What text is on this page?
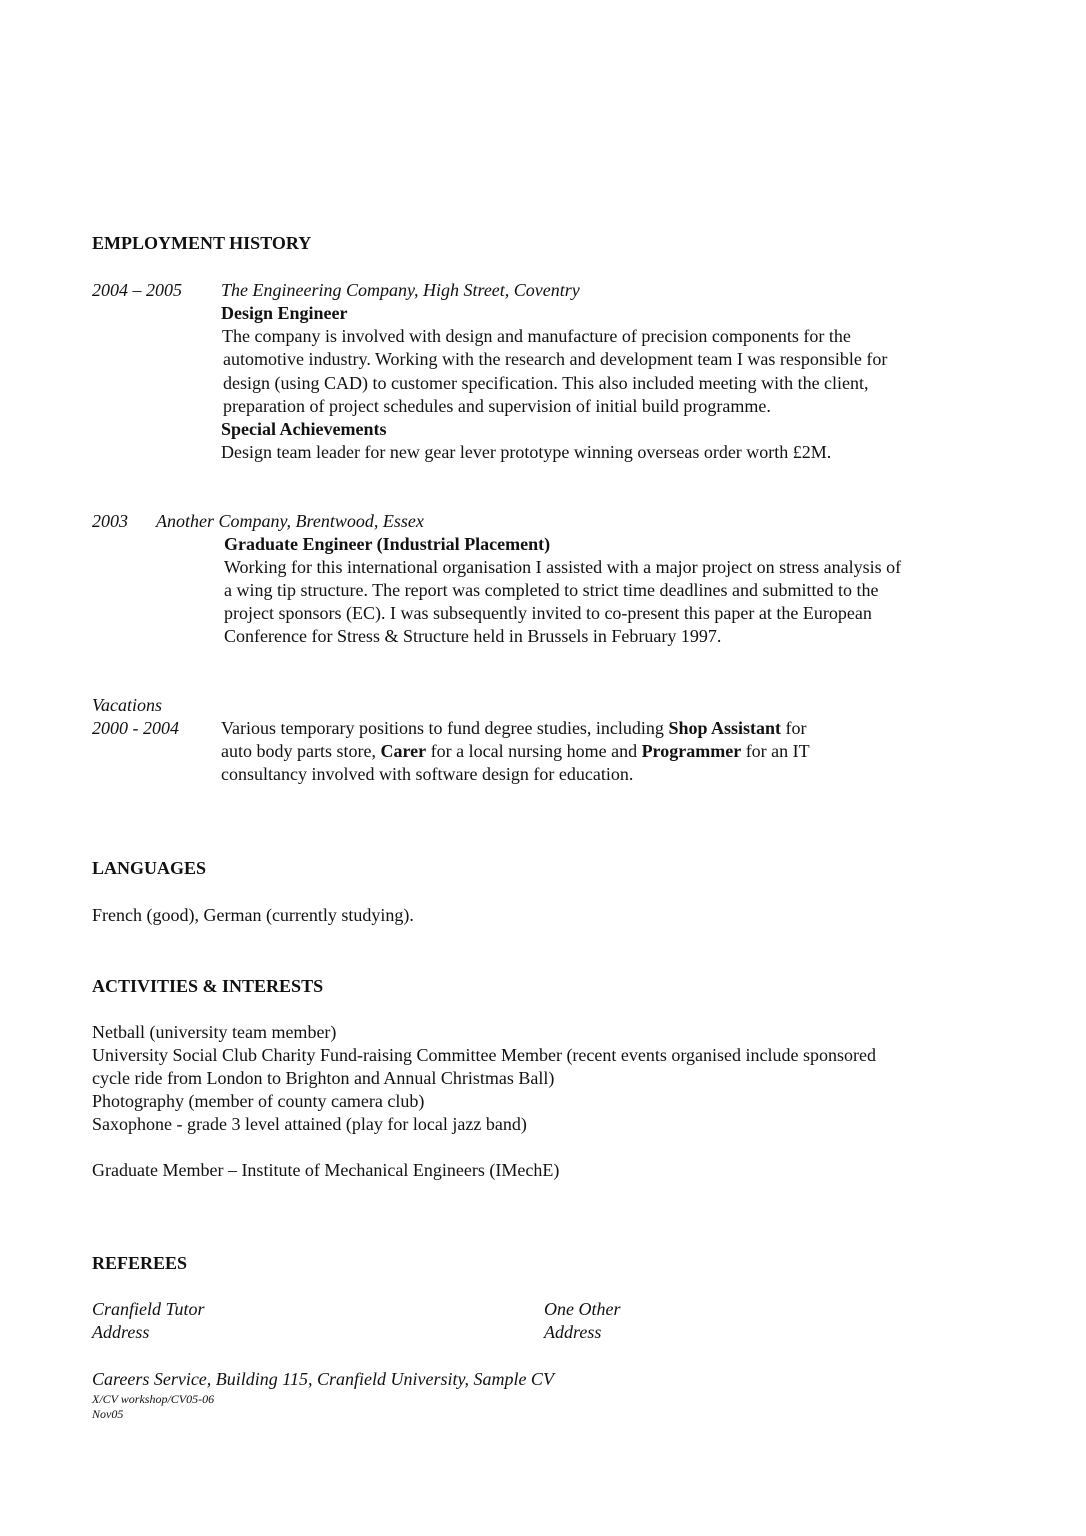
EMPLOYMENT HISTORY
2004 – 2005 The Engineering Company, High Street, Coventry
Design Engineer
The company is involved with design and manufacture of precision components for the
automotive industry. Working with the research and development team I was responsible for
design (using CAD) to customer specification. This also included meeting with the client,
preparation of project schedules and supervision of initial build programme.
Special Achievements
Design team leader for new gear lever prototype winning overseas order worth £2M.
2003 Another Company, Brentwood, Essex
Graduate Engineer (Industrial Placement)
Working for this international organisation I assisted with a major project on stress analysis of
a wing tip structure. The report was completed to strict time deadlines and submitted to the
project sponsors (EC). I was subsequently invited to co-present this paper at the European
Conference for Stress & Structure held in Brussels in February 1997.
Vacations
2000 - 2004 Various temporary positions to fund degree studies, including Shop Assistant for
auto body parts store, Carer for a local nursing home and Programmer for an IT
consultancy involved with software design for education.
LANGUAGES
French (good), German (currently studying).
ACTIVITIES & INTERESTS
Netball (university team member)
University Social Club Charity Fund-raising Committee Member (recent events organised include sponsored
cycle ride from London to Brighton and Annual Christmas Ball)
Photography (member of county camera club)
Saxophone - grade 3 level attained (play for local jazz band)
Graduate Member – Institute of Mechanical Engineers (IMechE)
REFEREES
Cranfield Tutor
Address
One Other
Address
Careers Service, Building 115, Cranfield University, Sample CV
X/CV workshop/CV05-06
Nov05
